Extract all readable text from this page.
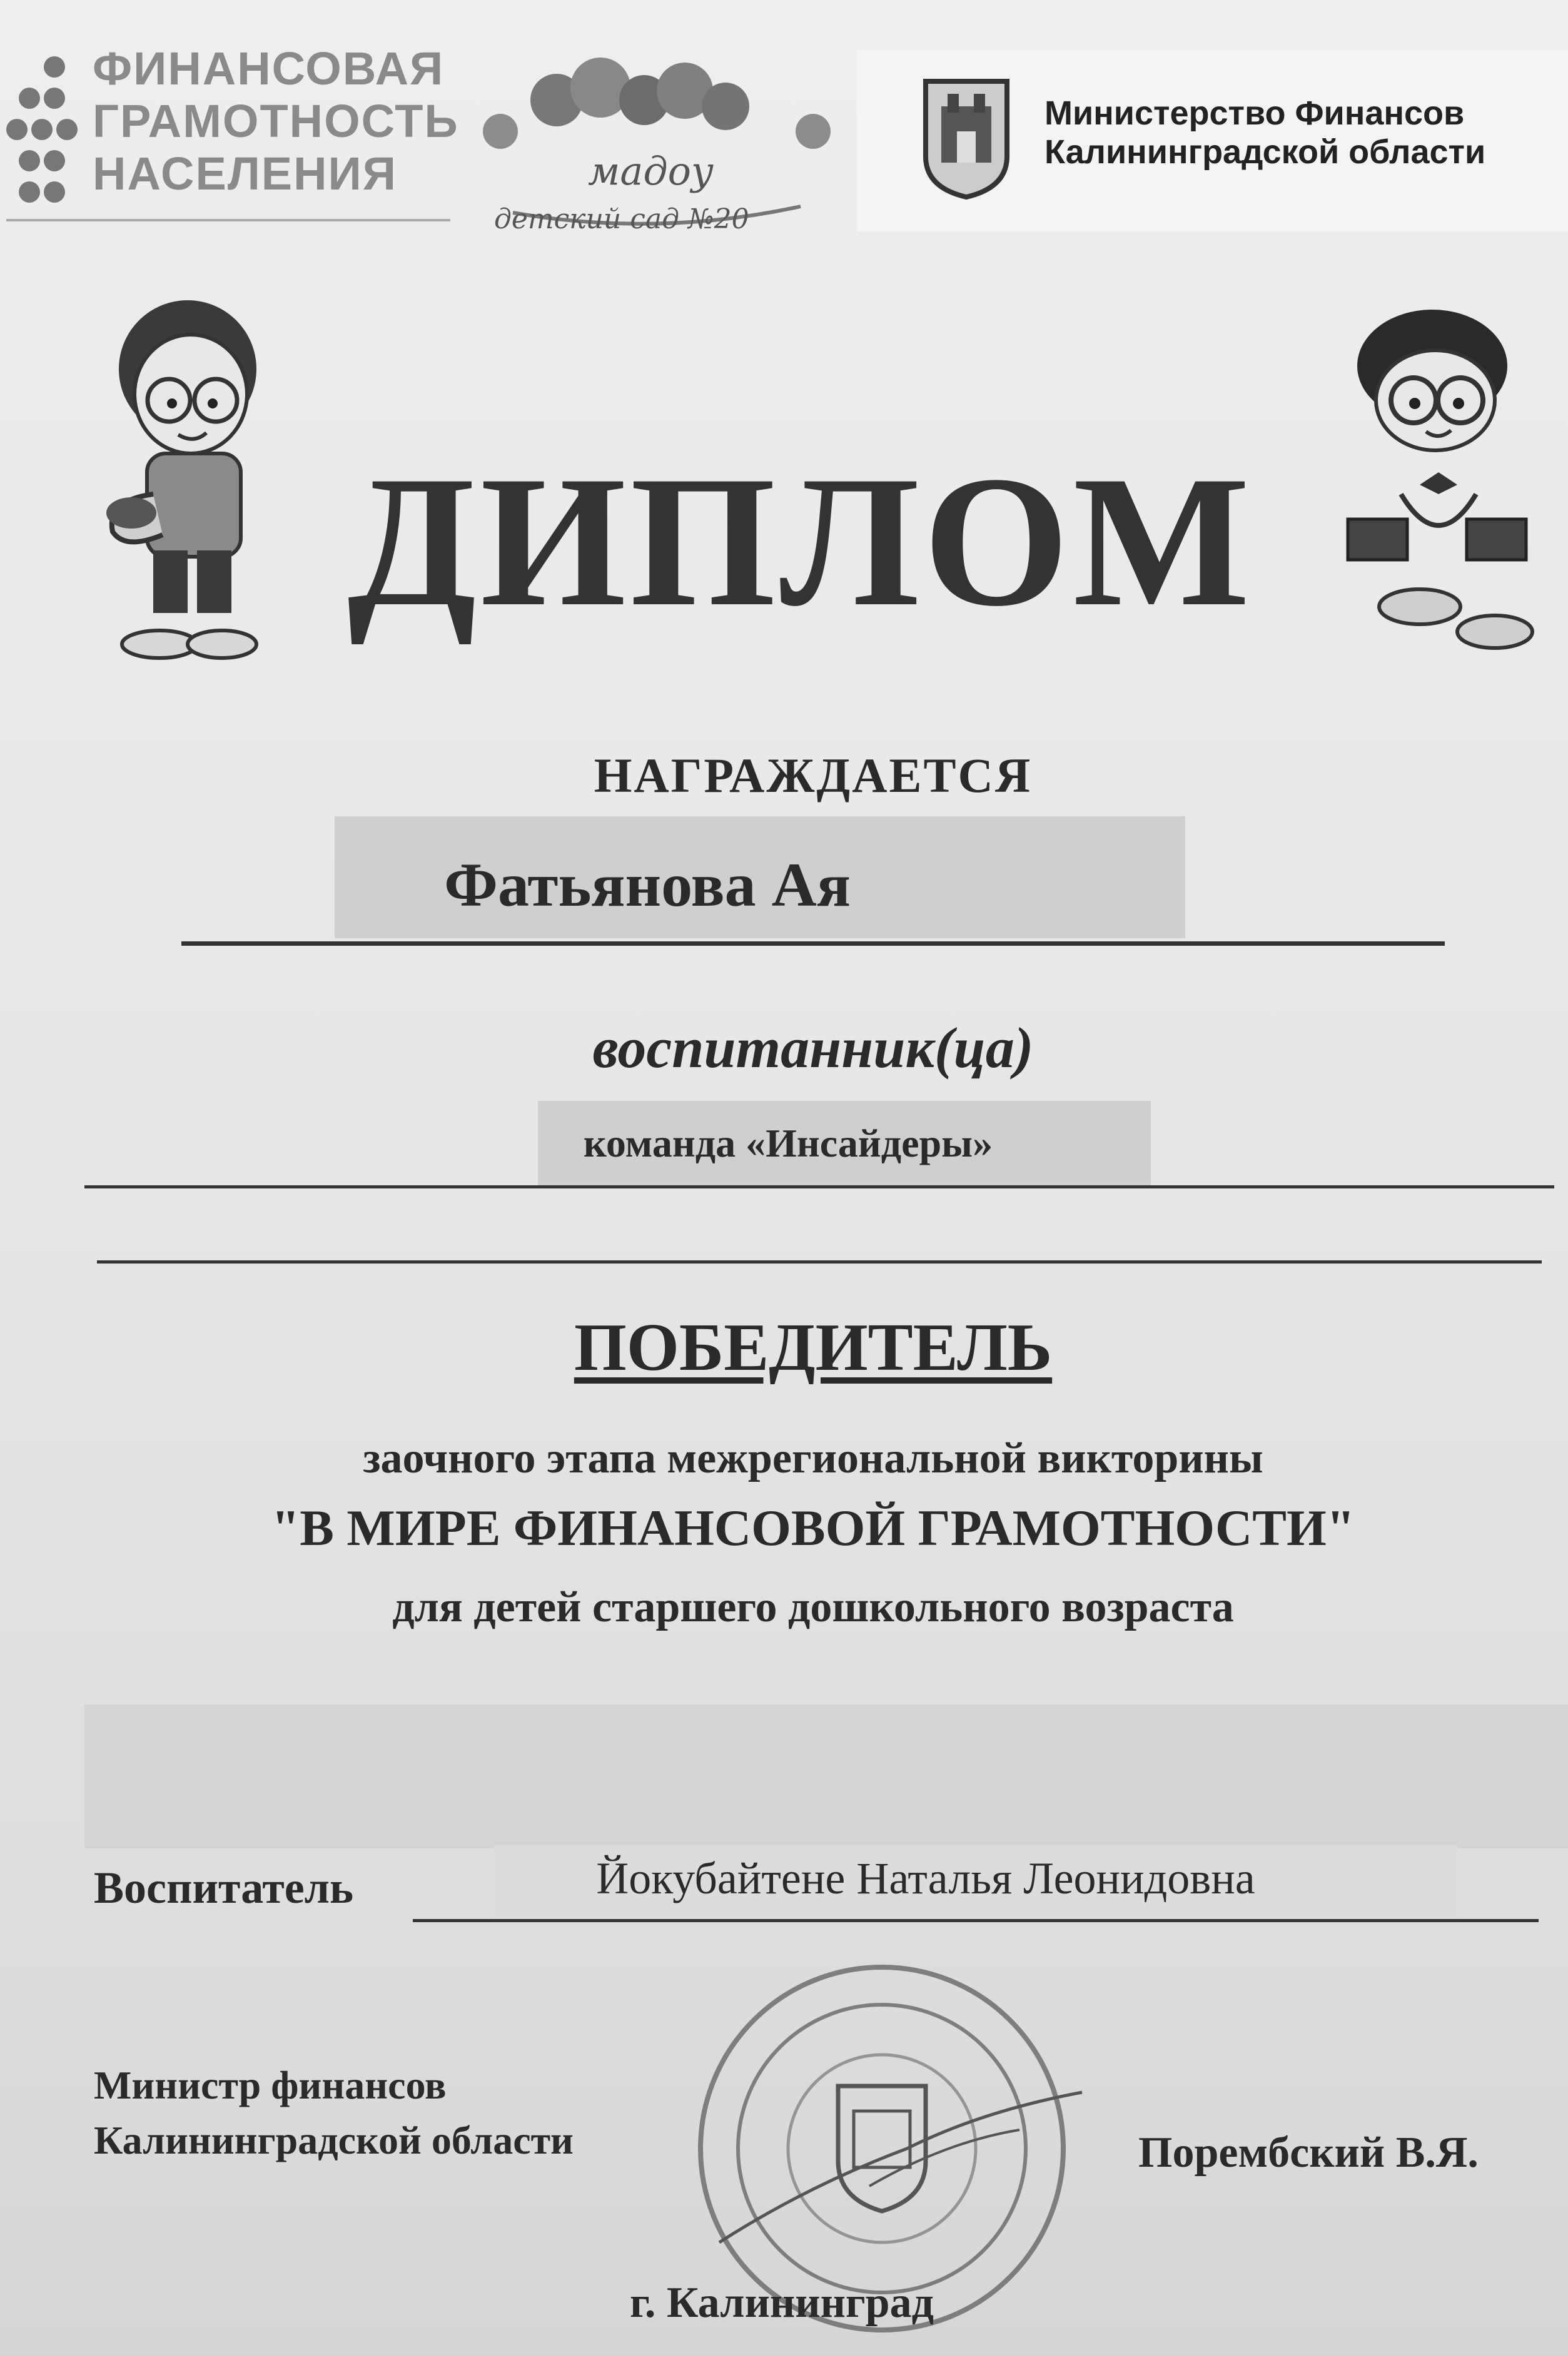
ФИНАНСОВАЯ
ГРАМОТНОСТЬ
НАСЕЛЕНИЯ	мадоу
детский сад №20
Министерство Финансов
Калининградской области
ДИПЛОМ
НАГРАЖДАЕТСЯ
Фатьянова Ая
воспитанник(ца)
команда «Инсайдеры»
ПОБЕДИТЕЛЬ
заочного этапа межрегиональной викторины
"В МИРЕ ФИНАНСОВОЙ ГРАМОТНОСТИ"
для детей старшего дошкольного возраста
Воспитатель	Йокубайтене Наталья Леонидовна
Министр финансов
Калининградской области	Порембский В.Я.
г. Калининград
